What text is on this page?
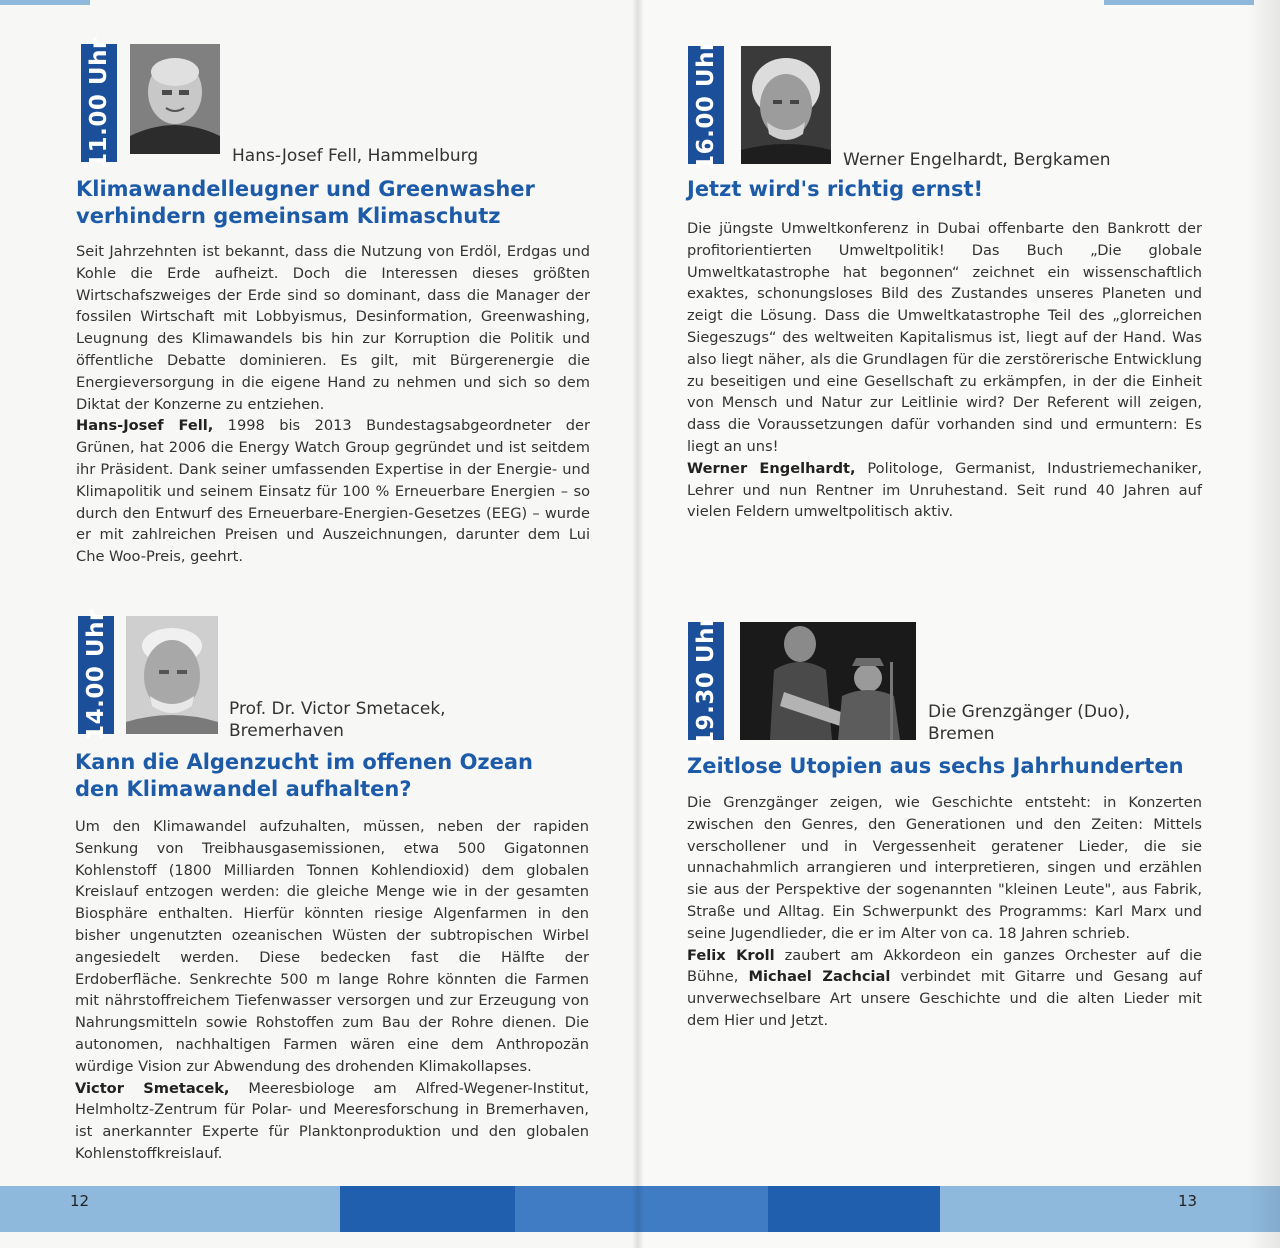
11.00 Uhr	Hans-Josef Fell, Hammelburg
Klimawandelleugner und Greenwasher verhindern gemeinsam Klimaschutz

Seit Jahrzehnten ist bekannt, dass die Nutzung von Erdöl, Erdgas und Kohle die Erde aufheizt. Doch die Interessen dieses größten Wirtschafszweiges der Erde sind so dominant, dass die Manager der fossilen Wirtschaft mit Lobbyismus, Desinformation, Greenwashing, Leugnung des Klimawandels bis hin zur Korruption die Politik und öffentliche Debatte dominieren. Es gilt, mit Bürgerenergie die Energieversorgung in die eigene Hand zu nehmen und sich so dem Diktat der Konzerne zu entziehen.
Hans-Josef Fell, 1998 bis 2013 Bundestagsabgeordneter der Grünen, hat 2006 die Energy Watch Group gegründet und ist seitdem ihr Präsident. Dank seiner umfassenden Expertise in der Energie- und Klimapolitik und seinem Einsatz für 100 % Erneuerbare Energien – so durch den Entwurf des Erneuerbare-Energien-Gesetzes (EEG) – wurde er mit zahlreichen Preisen und Auszeichnungen, darunter dem Lui Che Woo-Preis, geehrt.

14.00 Uhr	Prof. Dr. Victor Smetacek, Bremerhaven
Kann die Algenzucht im offenen Ozean den Klimawandel aufhalten?

Um den Klimawandel aufzuhalten, müssen, neben der rapiden Senkung von Treibhausgasemissionen, etwa 500 Gigatonnen Kohlenstoff (1800 Milliarden Tonnen Kohlendioxid) dem globalen Kreislauf entzogen werden: die gleiche Menge wie in der gesamten Biosphäre enthalten. Hierfür könnten riesige Algenfarmen in den bisher ungenutzten ozeanischen Wüsten der subtropischen Wirbel angesiedelt werden. Diese bedecken fast die Hälfte der Erdoberfläche. Senkrechte 500 m lange Rohre könnten die Farmen mit nährstoffreichem Tiefenwasser versorgen und zur Erzeugung von Nahrungsmitteln sowie Rohstoffen zum Bau der Rohre dienen. Die autonomen, nachhaltigen Farmen wären eine dem Anthropozän würdige Vision zur Abwendung des drohenden Klimakollapses.
Victor Smetacek, Meeresbiologe am Alfred-Wegener-Institut, Helmholtz-Zentrum für Polar- und Meeresforschung in Bremerhaven, ist anerkannter Experte für Planktonproduktion und den globalen Kohlenstoffkreislauf.

12
16.00 Uhr	Werner Engelhardt, Bergkamen
Jetzt wird's richtig ernst!

Die jüngste Umweltkonferenz in Dubai offenbarte den Bankrott der profitorientierten Umweltpolitik! Das Buch „Die globale Umweltkatastrophe hat begonnen“ zeichnet ein wissenschaftlich exaktes, schonungsloses Bild des Zustandes unseres Planeten und zeigt die Lösung. Dass die Umweltkatastrophe Teil des „glorreichen Siegeszugs“ des weltweiten Kapitalismus ist, liegt auf der Hand. Was also liegt näher, als die Grundlagen für die zerstörerische Entwicklung zu beseitigen und eine Gesellschaft zu erkämpfen, in der die Einheit von Mensch und Natur zur Leitlinie wird? Der Referent will zeigen, dass die Voraussetzungen dafür vorhanden sind und ermuntern: Es liegt an uns!
Werner Engelhardt, Politologe, Germanist, Industriemechaniker, Lehrer und nun Rentner im Unruhestand. Seit rund 40 Jahren auf vielen Feldern umweltpolitisch aktiv.

19.30 Uhr	Die Grenzgänger (Duo), Bremen
Zeitlose Utopien aus sechs Jahrhunderten

Die Grenzgänger zeigen, wie Geschichte entsteht: in Konzerten zwischen den Genres, den Generationen und den Zeiten: Mittels verschollener und in Vergessenheit geratener Lieder, die sie unnachahmlich arrangieren und interpretieren, singen und erzählen sie aus der Perspektive der sogenannten "kleinen Leute", aus Fabrik, Straße und Alltag. Ein Schwerpunkt des Programms: Karl Marx und seine Jugendlieder, die er im Alter von ca. 18 Jahren schrieb.
Felix Kroll zaubert am Akkordeon ein ganzes Orchester auf die Bühne, Michael Zachcial verbindet mit Gitarre und Gesang auf unverwechselbare Art unsere Geschichte und die alten Lieder mit dem Hier und Jetzt.

13
